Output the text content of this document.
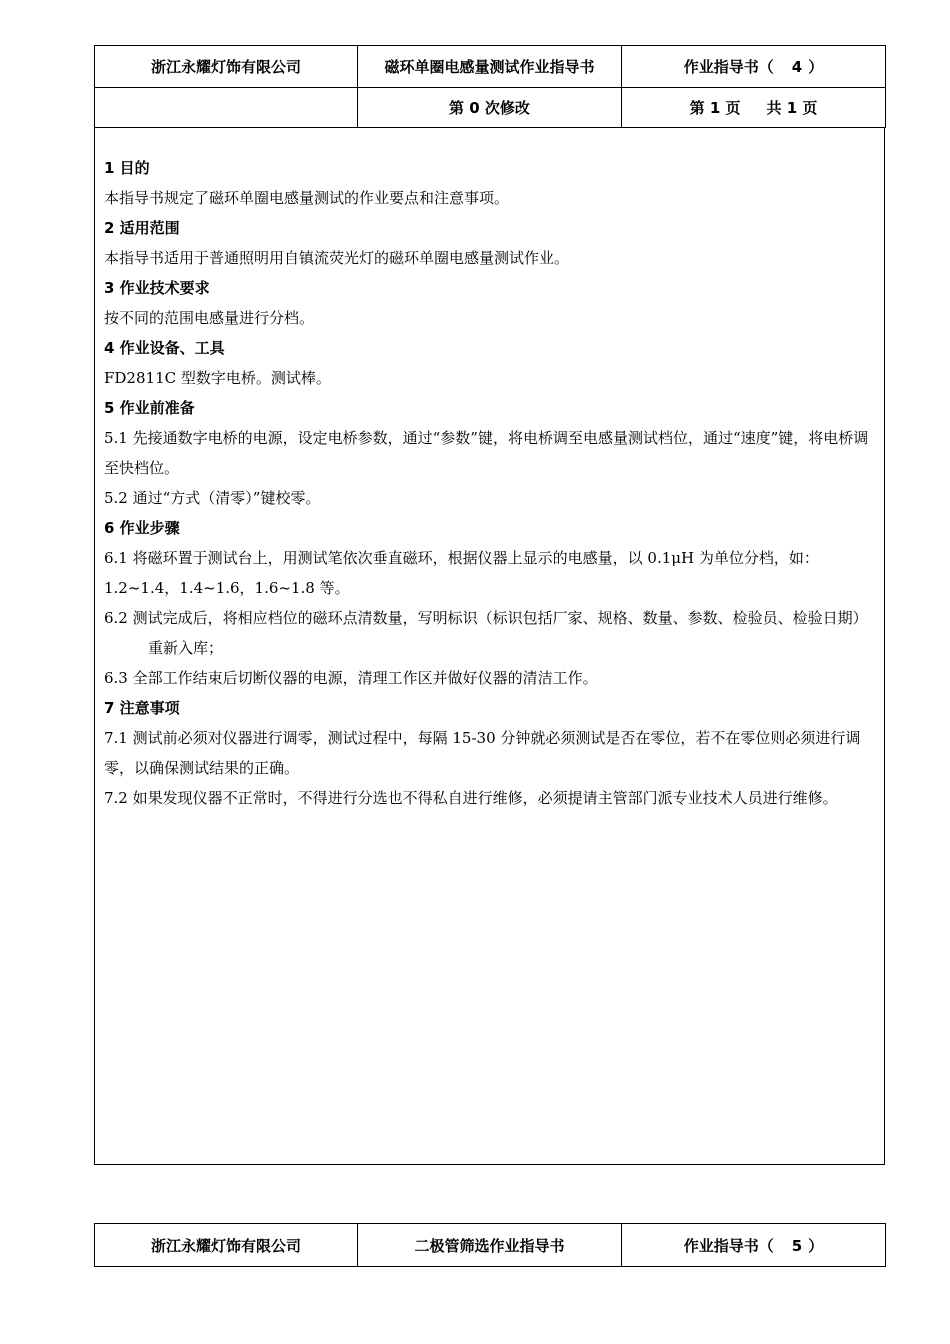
浙江永耀灯饰有限公司	磁环单圈电感量测试作业指导书	作业指导书（ 4 ）
	第 0 次修改	第 1 页 共 1 页
1 目的
本指导书规定了磁环单圈电感量测试的作业要点和注意事项。
2 适用范围
本指导书适用于普通照明用自镇流荧光灯的磁环单圈电感量测试作业。
3 作业技术要求
按不同的范围电感量进行分档。
4 作业设备、工具
FD2811C 型数字电桥。测试棒。
5 作业前准备
5.1 先接通数字电桥的电源，设定电桥参数，通过“参数”键，将电桥调至电感量测试档位，通过“速度”键，将电桥调至快档位。
5.2 通过“方式（清零）”键校零。
6 作业步骤
6.1 将磁环置于测试台上，用测试笔依次垂直磁环，根据仪器上显示的电感量，以 0.1μH 为单位分档，如：1.2~1.4，1.4~1.6，1.6~1.8 等。
6.2 测试完成后，将相应档位的磁环点清数量，写明标识（标识包括厂家、规格、数量、参数、检验员、检验日期）重新入库；
6.3 全部工作结束后切断仪器的电源，清理工作区并做好仪器的清洁工作。
7 注意事项
7.1 测试前必须对仪器进行调零，测试过程中，每隔 15-30 分钟就必须测试是否在零位，若不在零位则必须进行调零，以确保测试结果的正确。
7.2 如果发现仪器不正常时，不得进行分选也不得私自进行维修，必须提请主管部门派专业技术人员进行维修。
浙江永耀灯饰有限公司	二极管筛选作业指导书	作业指导书（ 5 ）
